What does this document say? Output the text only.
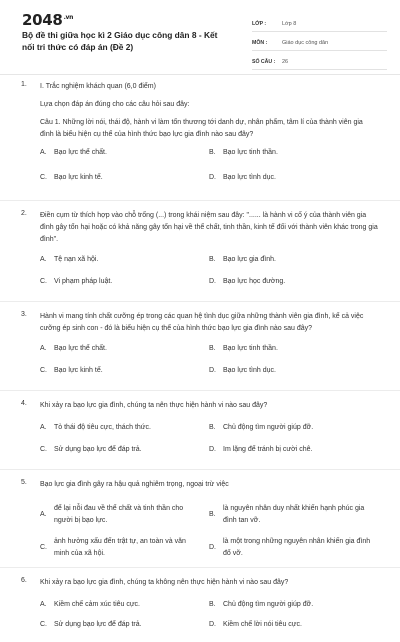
$2048^{.vn}$
Bộ đề thi giữa học kì 2 Giáo dục công dân 8 - Kết nối tri thức có đáp án (Đề 2)
LỚP :	Lớp 8
MÔN :	Giáo dục công dân
SỐ CÂU :	26
1. I. Trắc nghiệm khách quan (6,0 điểm)
Lựa chọn đáp án đúng cho các câu hỏi sau đây:
Câu 1. Những lời nói, thái độ, hành vi làm tổn thương tới danh dự, nhân phẩm, tâm lí của thành viên gia đình là biểu hiện cụ thể của hình thức bạo lực gia đình nào sau đây?
A.	Bạo lực thể chất.	B.	Bạo lực tinh thần.
C.	Bạo lực kinh tế.	D.	Bạo lực tình dục.
2. Điền cụm từ thích hợp vào chỗ trống (...) trong khái niệm sau đây: "...... là hành vi cố ý của thành viên gia đình gây tổn hại hoặc có khả năng gây tổn hại về thể chất, tinh thần, kinh tế đối với thành viên khác trong gia đình".
A.	Tệ nạn xã hội.	B.	Bạo lực gia đình.
C.	Vi phạm pháp luật.	D.	Bạo lực học đường.
3. Hành vi mang tính chất cưỡng ép trong các quan hệ tình dục giữa những thành viên gia đình, kể cả việc cưỡng ép sinh con - đó là biểu hiện cụ thể của hình thức bạo lực gia đình nào sau đây?
A.	Bạo lực thể chất.	B.	Bạo lực tinh thần.
C.	Bạo lực kinh tế.	D.	Bạo lực tình dục.
4. Khi xảy ra bạo lực gia đình, chúng ta nên thực hiện hành vi nào sau đây?
A.	Tỏ thái độ tiêu cực, thách thức.	B.	Chủ động tìm người giúp đỡ.
C.	Sử dụng bạo lực để đáp trả.	D.	Im lặng để tránh bị cười chê.
5. Bạo lực gia đình gây ra hậu quả nghiêm trọng, ngoại trừ việc
A.
để lại nỗi đau về thể chất và tinh thần cho người bị bạo lực.
B.
là nguyên nhân duy nhất khiến hạnh phúc gia đình tan vỡ.
C.
ảnh hưởng xấu đến trật tự, an toàn và văn minh của xã hội.
D.
là một trong những nguyên nhân khiến gia đình đổ vỡ.
6. Khi xảy ra bạo lực gia đình, chúng ta không nên thực hiện hành vi nào sau đây?
A.	Kiềm chế cảm xúc tiêu cực.	B.	Chủ động tìm người giúp đỡ.
C.	Sử dụng bạo lực để đáp trả.	D.	Kiềm chế lời nói tiêu cực.
